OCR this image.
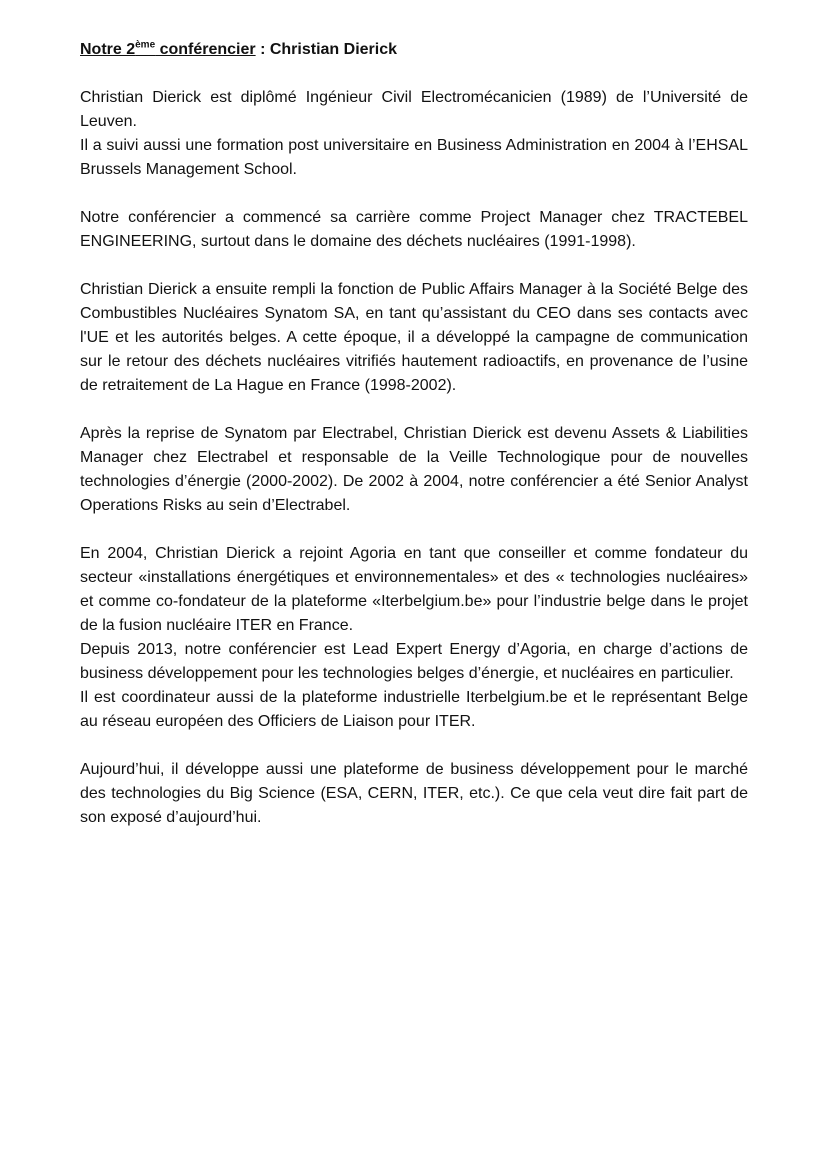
Notre 2ème conférencier : Christian Dierick

Christian Dierick est diplômé Ingénieur Civil Electromécanicien (1989) de l’Université de Leuven.

Il a suivi aussi une formation post universitaire en Business Administration en 2004 à l’EHSAL Brussels Management School.

Notre conférencier a commencé sa carrière comme Project Manager chez TRACTEBEL ENGINEERING, surtout dans le domaine des déchets nucléaires (1991-1998).

Christian Dierick a ensuite rempli la fonction de Public Affairs Manager à la Société Belge des Combustibles Nucléaires Synatom SA, en tant qu’assistant du CEO dans ses contacts avec l'UE et les autorités belges. A cette époque, il a développé la campagne de communication sur le retour des déchets nucléaires vitrifiés hautement radioactifs, en provenance de l’usine de retraitement de La Hague en France (1998-2002).

Après la reprise de Synatom par Electrabel, Christian Dierick est devenu Assets & Liabilities Manager chez Electrabel et responsable de la Veille Technologique pour de nouvelles technologies d’énergie (2000-2002). De 2002 à 2004, notre conférencier a été Senior Analyst Operations Risks au sein d’Electrabel.

En 2004, Christian Dierick a rejoint Agoria en tant que conseiller et comme fondateur du secteur «installations énergétiques et environnementales» et des « technologies nucléaires» et comme co-fondateur de la plateforme «Iterbelgium.be» pour l’industrie belge dans le projet de la fusion nucléaire ITER en France.

Depuis 2013, notre conférencier est Lead Expert Energy d’Agoria, en charge d’actions de business développement pour les technologies belges d’énergie, et nucléaires en particulier.

Il est coordinateur aussi de la plateforme industrielle Iterbelgium.be et le représentant Belge au réseau européen des Officiers de Liaison pour ITER.

Aujourd’hui, il développe aussi une plateforme de business développement pour le marché des technologies du Big Science (ESA, CERN, ITER, etc.). Ce que cela veut dire fait part de son exposé d’aujourd’hui.
